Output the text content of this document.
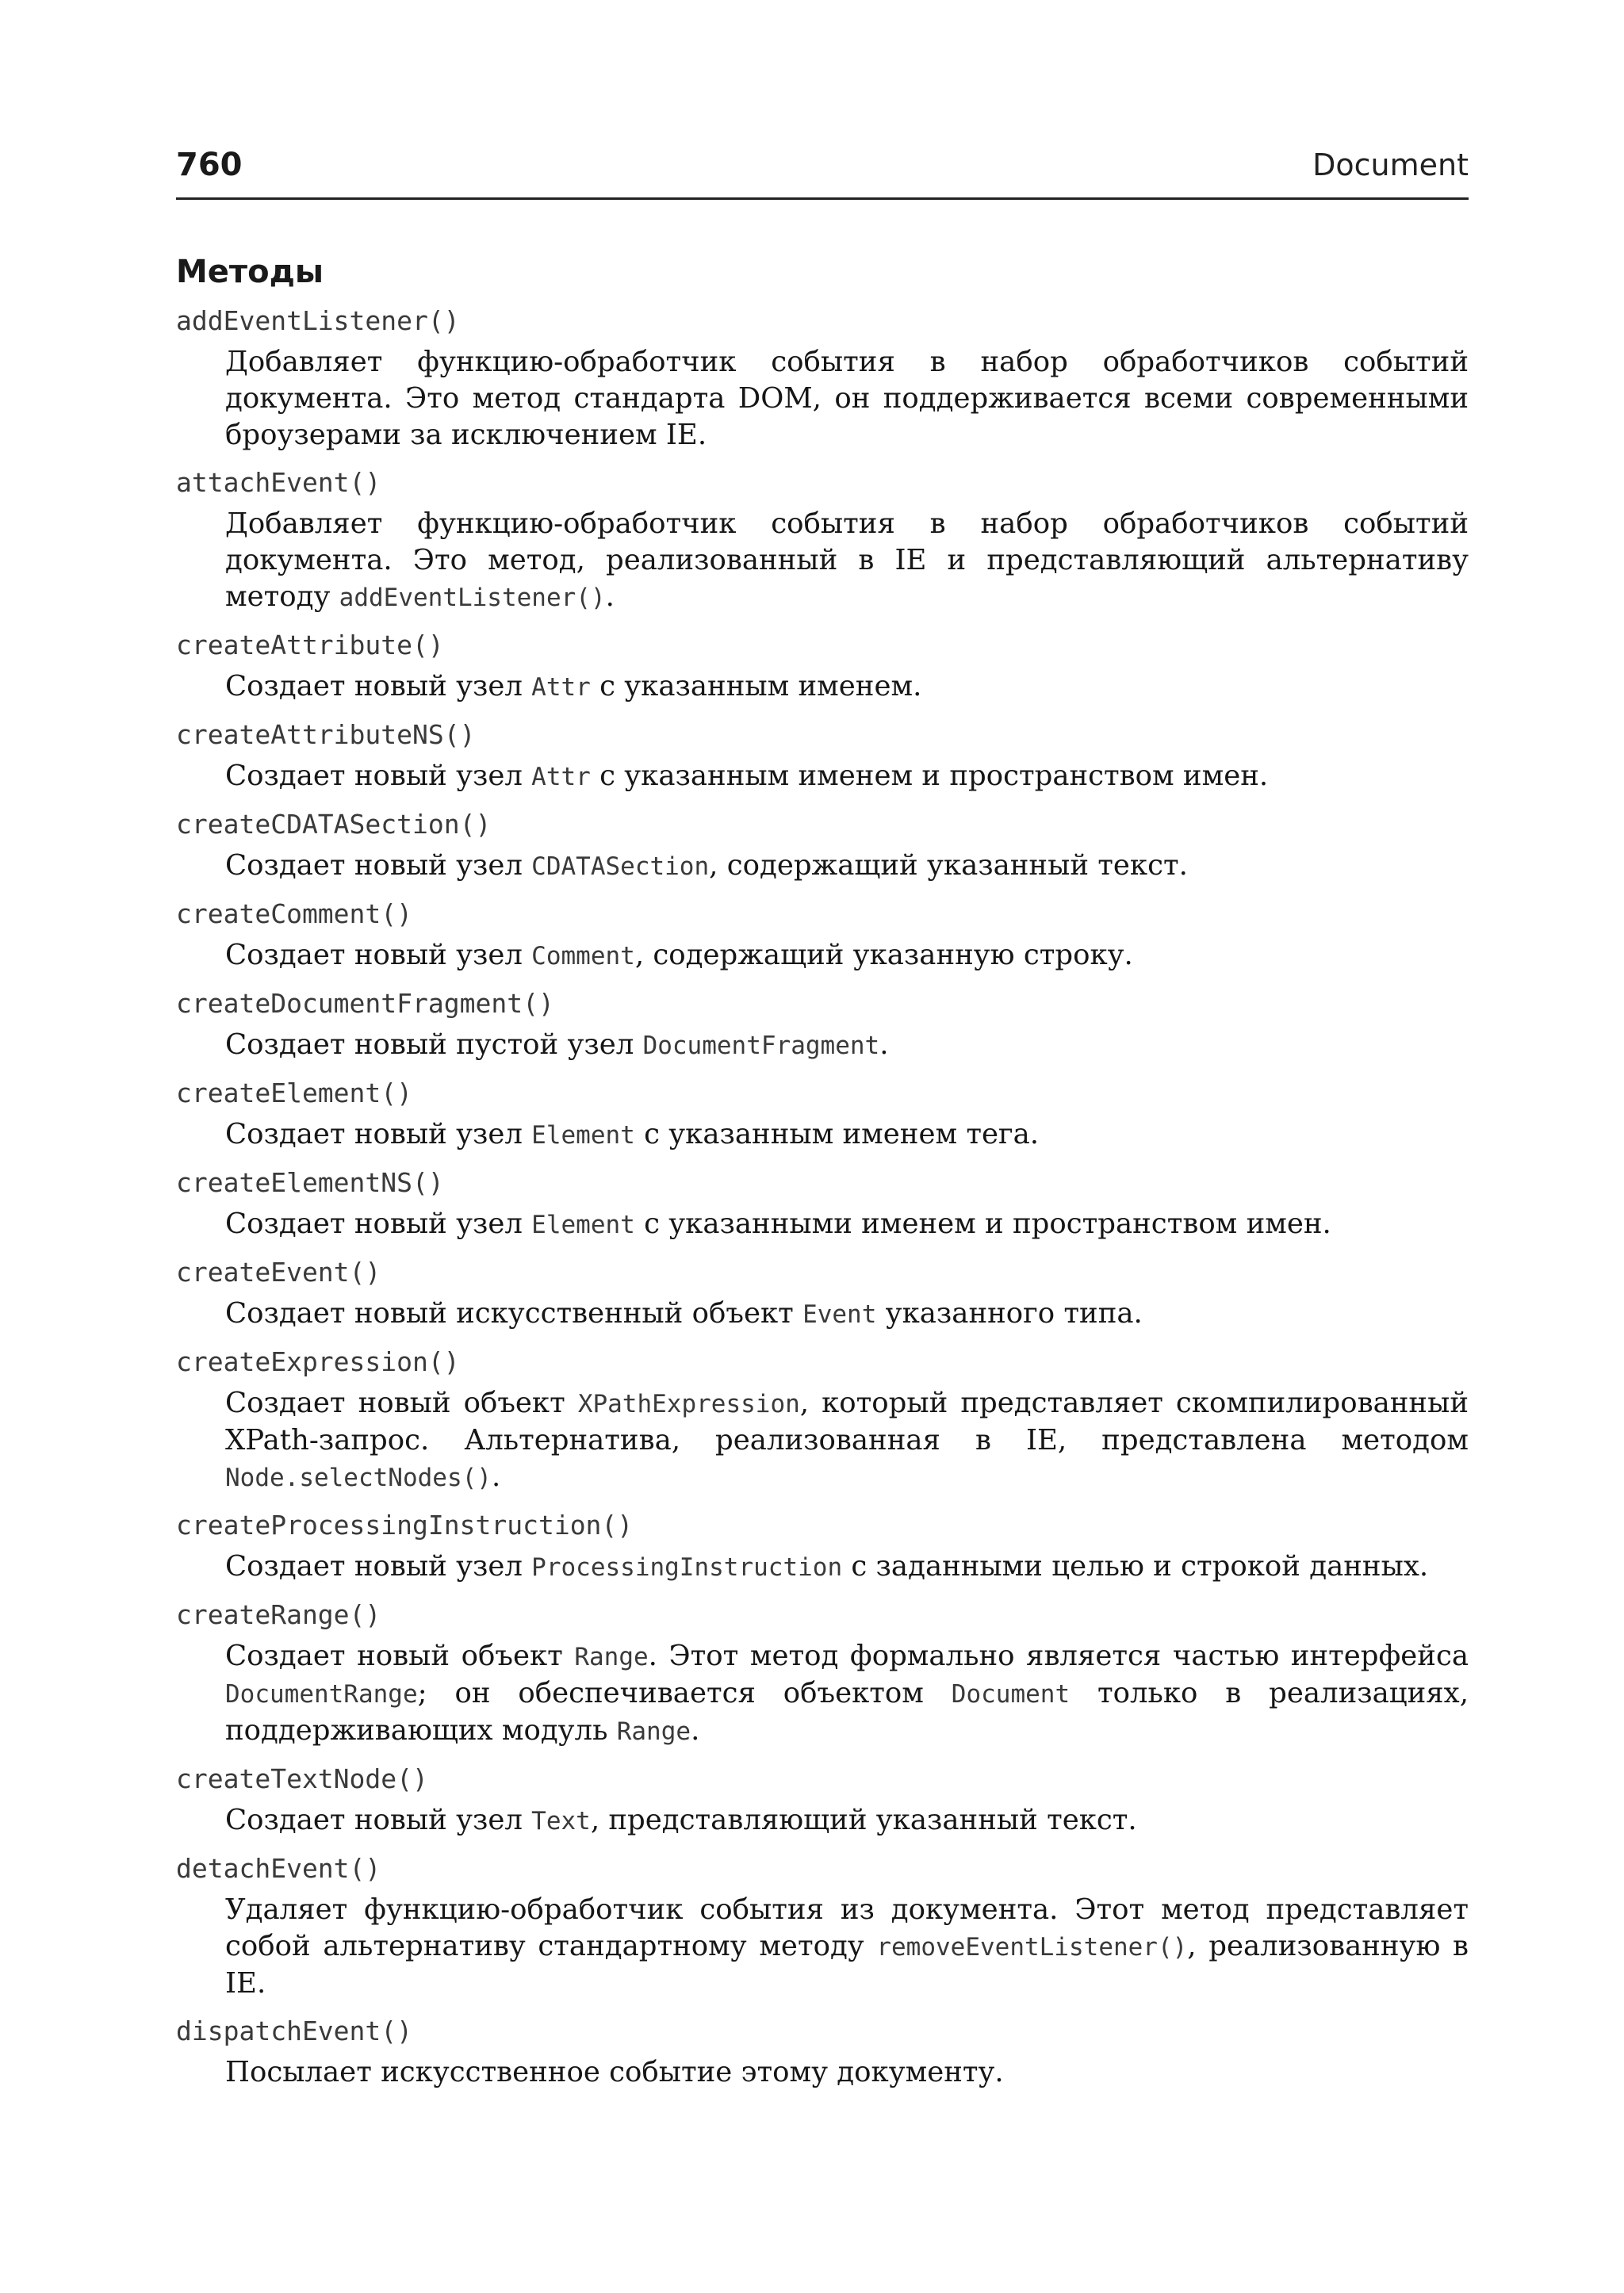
760	Document
Методы
addEventListener()
Добавляет функцию-обработчик события в набор обработчиков событий документа. Это метод стандарта DOM, он поддерживается всеми современными броузерами за исключением IE.
attachEvent()
Добавляет функцию-обработчик события в набор обработчиков событий документа. Это метод, реализованный в IE и представляющий альтернативу методу addEventListener().
createAttribute()
Создает новый узел Attr с указанным именем.
createAttributeNS()
Создает новый узел Attr с указанным именем и пространством имен.
createCDATASection()
Создает новый узел CDATASection, содержащий указанный текст.
createComment()
Создает новый узел Comment, содержащий указанную строку.
createDocumentFragment()
Создает новый пустой узел DocumentFragment.
createElement()
Создает новый узел Element с указанным именем тега.
createElementNS()
Создает новый узел Element с указанными именем и пространством имен.
createEvent()
Создает новый искусственный объект Event указанного типа.
createExpression()
Создает новый объект XPathExpression, который представляет скомпилированный XPath-запрос. Альтернатива, реализованная в IE, представлена методом Node.selectNodes().
createProcessingInstruction()
Создает новый узел ProcessingInstruction с заданными целью и строкой данных.
createRange()
Создает новый объект Range. Этот метод формально является частью интерфейса DocumentRange; он обеспечивается объектом Document только в реализациях, поддерживающих модуль Range.
createTextNode()
Создает новый узел Text, представляющий указанный текст.
detachEvent()
Удаляет функцию-обработчик события из документа. Этот метод представляет собой альтернативу стандартному методу removeEventListener(), реализованную в IE.
dispatchEvent()
Посылает искусственное событие этому документу.
